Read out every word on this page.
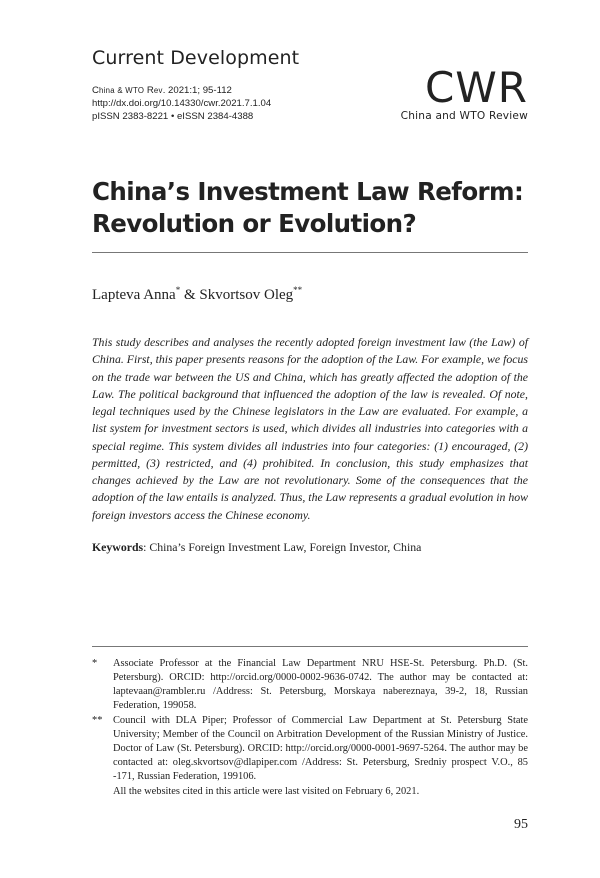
Current Development
China & WTO Rev. 2021:1; 95-112
http://dx.doi.org/10.14330/cwr.2021.7.1.04
pISSN 2383-8221 • eISSN 2384-4388
CWR
China and WTO Review
China’s Investment Law Reform:
Revolution or Evolution?
Lapteva Anna* & Skvortsov Oleg**
This study describes and analyses the recently adopted foreign investment law (the Law) of China. First, this paper presents reasons for the adoption of the Law. For example, we focus on the trade war between the US and China, which has greatly affected the adoption of the Law. The political background that influenced the adoption of the law is revealed. Of note, legal techniques used by the Chinese legislators in the Law are evaluated. For example, a list system for investment sectors is used, which divides all industries into categories with a special regime. This system divides all industries into four categories: (1) encouraged, (2) permitted, (3) restricted, and (4) prohibited. In conclusion, this study emphasizes that changes achieved by the Law are not revolutionary. Some of the consequences that the adoption of the law entails is analyzed. Thus, the Law represents a gradual evolution in how foreign investors access the Chinese economy.
Keywords: China’s Foreign Investment Law, Foreign Investor, China
*	Associate Professor at the Financial Law Department NRU HSE-St. Petersburg. Ph.D. (St. Petersburg). ORCID: http://orcid.org/0000-0002-9636-0742. The author may be contacted at: laptevaan@rambler.ru /Address: St. Petersburg, Morskaya nabereznaya, 39-2, 18, Russian Federation, 199058.
**	Council with DLA Piper; Professor of Commercial Law Department at St. Petersburg State University; Member of the Council on Arbitration Development of the Russian Ministry of Justice. Doctor of Law (St. Petersburg). ORCID: http://orcid.org/0000-0001-9697-5264. The author may be contacted at: oleg.skvortsov@dlapiper.com /Address: St. Petersburg, Sredniy prospect V.O., 85 -171, Russian Federation, 199106.
All the websites cited in this article were last visited on February 6, 2021.
95
